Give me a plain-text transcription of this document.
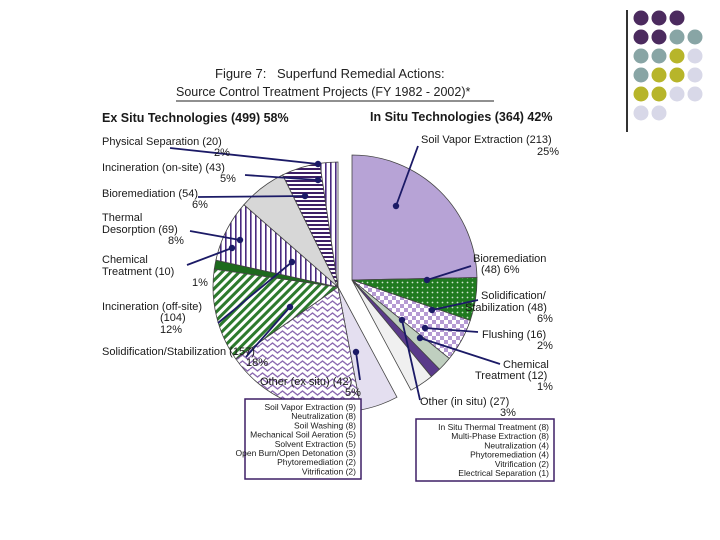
Figure 7: Superfund Remedial Actions:
Source Control Treatment Projects (FY 1982 - 2002)*
Ex Situ Technologies (499) 58%	In Situ Technologies (364) 42%
Physical Separation (20)
2%
Incineration (on-site) (43)
5%
Bioremediation (54)
6%
Thermal
Desorption (69)
8%
Chemical
Treatment (10)
1%
Incineration (off-site)
(104)
12%
Solidification/Stabilization (157)
18%
Other (ex situ) (42)
5%
Soil Vapor Extraction (213)
25%
Bioremediation
(48) 6%
Solidification/
Stabilization (48)
6%
Flushing (16)
2%
Chemical
Treatment (12)
1%
Other (in situ) (27)
3%
Soil Vapor Extraction (9)
Neutralization (8)
Soil Washing (8)
Mechanical Soil Aeration (5)
Solvent Extraction (5)
Open Burn/Open Detonation (3)
Phytoremediation (2)
Vitrification (2)
In Situ Thermal Treatment (8)
Multi-Phase Extraction (8)
Neutralization (4)
Phytoremediation (4)
Vitrification (2)
Electrical Separation (1)
